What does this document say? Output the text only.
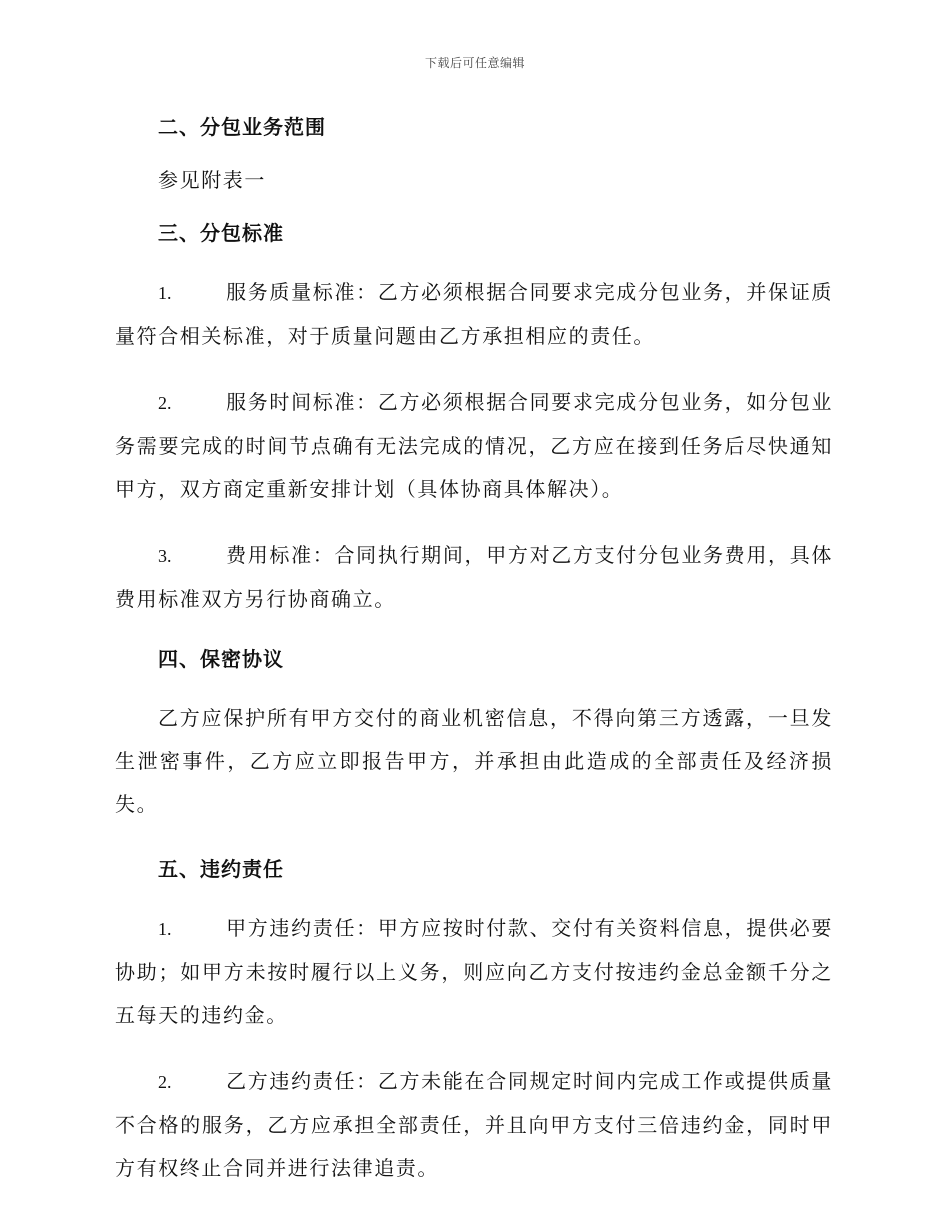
下载后可任意编辑
二、分包业务范围

参见附表一

三、分包标准

1.	服务质量标准：乙方必须根据合同要求完成分包业务，并保证质量符合相关标准，对于质量问题由乙方承担相应的责任。

2.	服务时间标准：乙方必须根据合同要求完成分包业务，如分包业务需要完成的时间节点确有无法完成的情况，乙方应在接到任务后尽快通知甲方，双方商定重新安排计划（具体协商具体解决）。

3.	费用标准：合同执行期间，甲方对乙方支付分包业务费用，具体费用标准双方另行协商确立。

四、保密协议

乙方应保护所有甲方交付的商业机密信息，不得向第三方透露，一旦发生泄密事件，乙方应立即报告甲方，并承担由此造成的全部责任及经济损失。

五、违约责任

1.	甲方违约责任：甲方应按时付款、交付有关资料信息，提供必要协助；如甲方未按时履行以上义务，则应向乙方支付按违约金总金额千分之五每天的违约金。

2.	乙方违约责任：乙方未能在合同规定时间内完成工作或提供质量不合格的服务，乙方应承担全部责任，并且向甲方支付三倍违约金，同时甲方有权终止合同并进行法律追责。
